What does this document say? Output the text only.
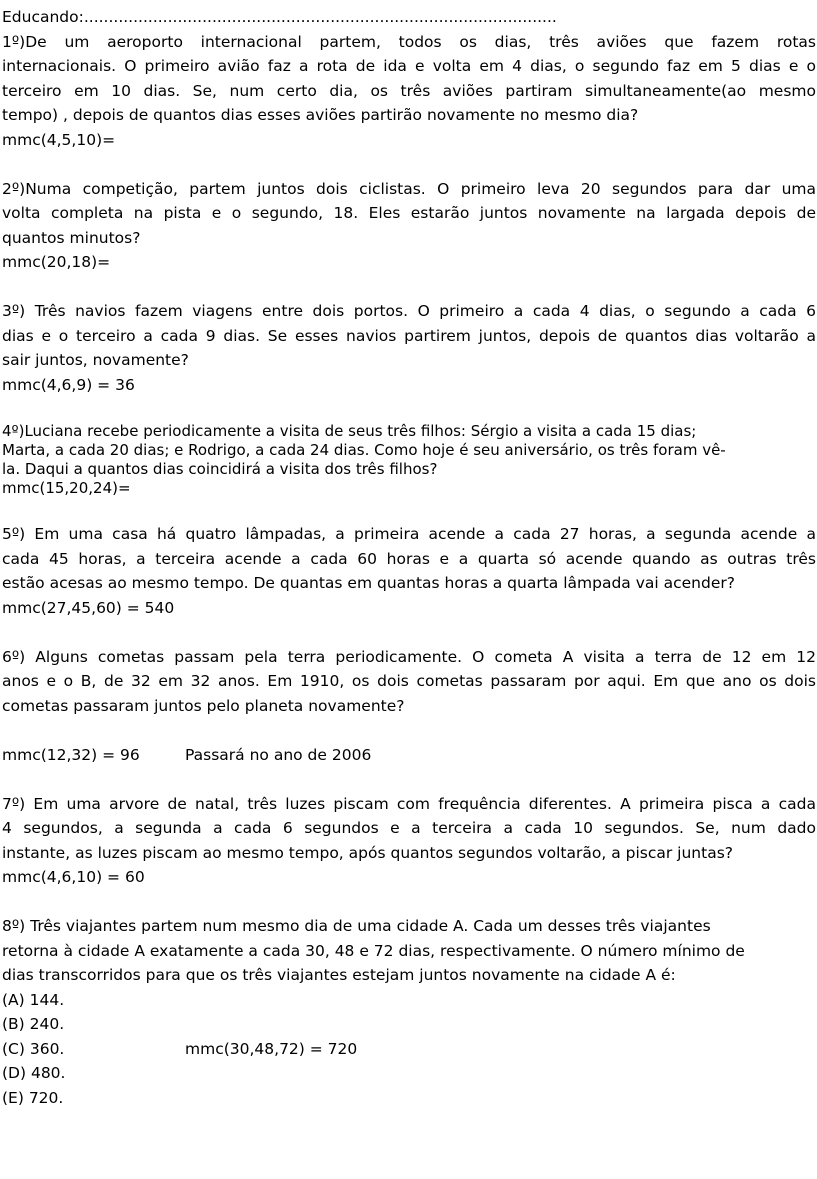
Educando:................................................................................................
1º)De um aeroporto internacional partem, todos os dias, três aviões que fazem rotas
internacionais. O primeiro avião faz a rota de ida e volta em 4 dias, o segundo faz em 5 dias e o
terceiro em 10 dias. Se, num certo dia, os três aviões partiram simultaneamente(ao mesmo
tempo) , depois de quantos dias esses aviões partirão novamente no mesmo dia?
mmc(4,5,10)=
2º)Numa competição, partem juntos dois ciclistas. O primeiro leva 20 segundos para dar uma
volta completa na pista e o segundo, 18. Eles estarão juntos novamente na largada depois de
quantos minutos?
mmc(20,18)=
3º) Três navios fazem viagens entre dois portos. O primeiro a cada 4 dias, o segundo a cada 6
dias e o terceiro a cada 9 dias. Se esses navios partirem juntos, depois de quantos dias voltarão a
sair juntos, novamente?
mmc(4,6,9) = 36
4º)Luciana recebe periodicamente a visita de seus três filhos: Sérgio a visita a cada 15 dias;
Marta, a cada 20 dias; e Rodrigo, a cada 24 dias. Como hoje é seu aniversário, os três foram vê-
la. Daqui a quantos dias coincidirá a visita dos três filhos?
mmc(15,20,24)=
5º) Em uma casa há quatro lâmpadas, a primeira acende a cada 27 horas, a segunda acende a
cada 45 horas, a terceira acende a cada 60 horas e a quarta só acende quando as outras três
estão acesas ao mesmo tempo. De quantas em quantas horas a quarta lâmpada vai acender?
mmc(27,45,60) = 540
6º) Alguns cometas passam pela terra periodicamente. O cometa A visita a terra de 12 em 12
anos e o B, de 32 em 32 anos. Em 1910, os dois cometas passaram por aqui. Em que ano os dois
cometas passaram juntos pelo planeta novamente?
mmc(12,32) = 96	Passará no ano de 2006
7º) Em uma arvore de natal, três luzes piscam com frequência diferentes. A primeira pisca a cada
4 segundos, a segunda a cada 6 segundos e a terceira a cada 10 segundos. Se, num dado
instante, as luzes piscam ao mesmo tempo, após quantos segundos voltarão, a piscar juntas?
mmc(4,6,10) = 60
8º) Três viajantes partem num mesmo dia de uma cidade A. Cada um desses três viajantes
retorna à cidade A exatamente a cada 30, 48 e 72 dias, respectivamente. O número mínimo de
dias transcorridos para que os três viajantes estejam juntos novamente na cidade A é:
(A) 144.
(B) 240.
(C) 360.	mmc(30,48,72) = 720
(D) 480.
(E) 720.
